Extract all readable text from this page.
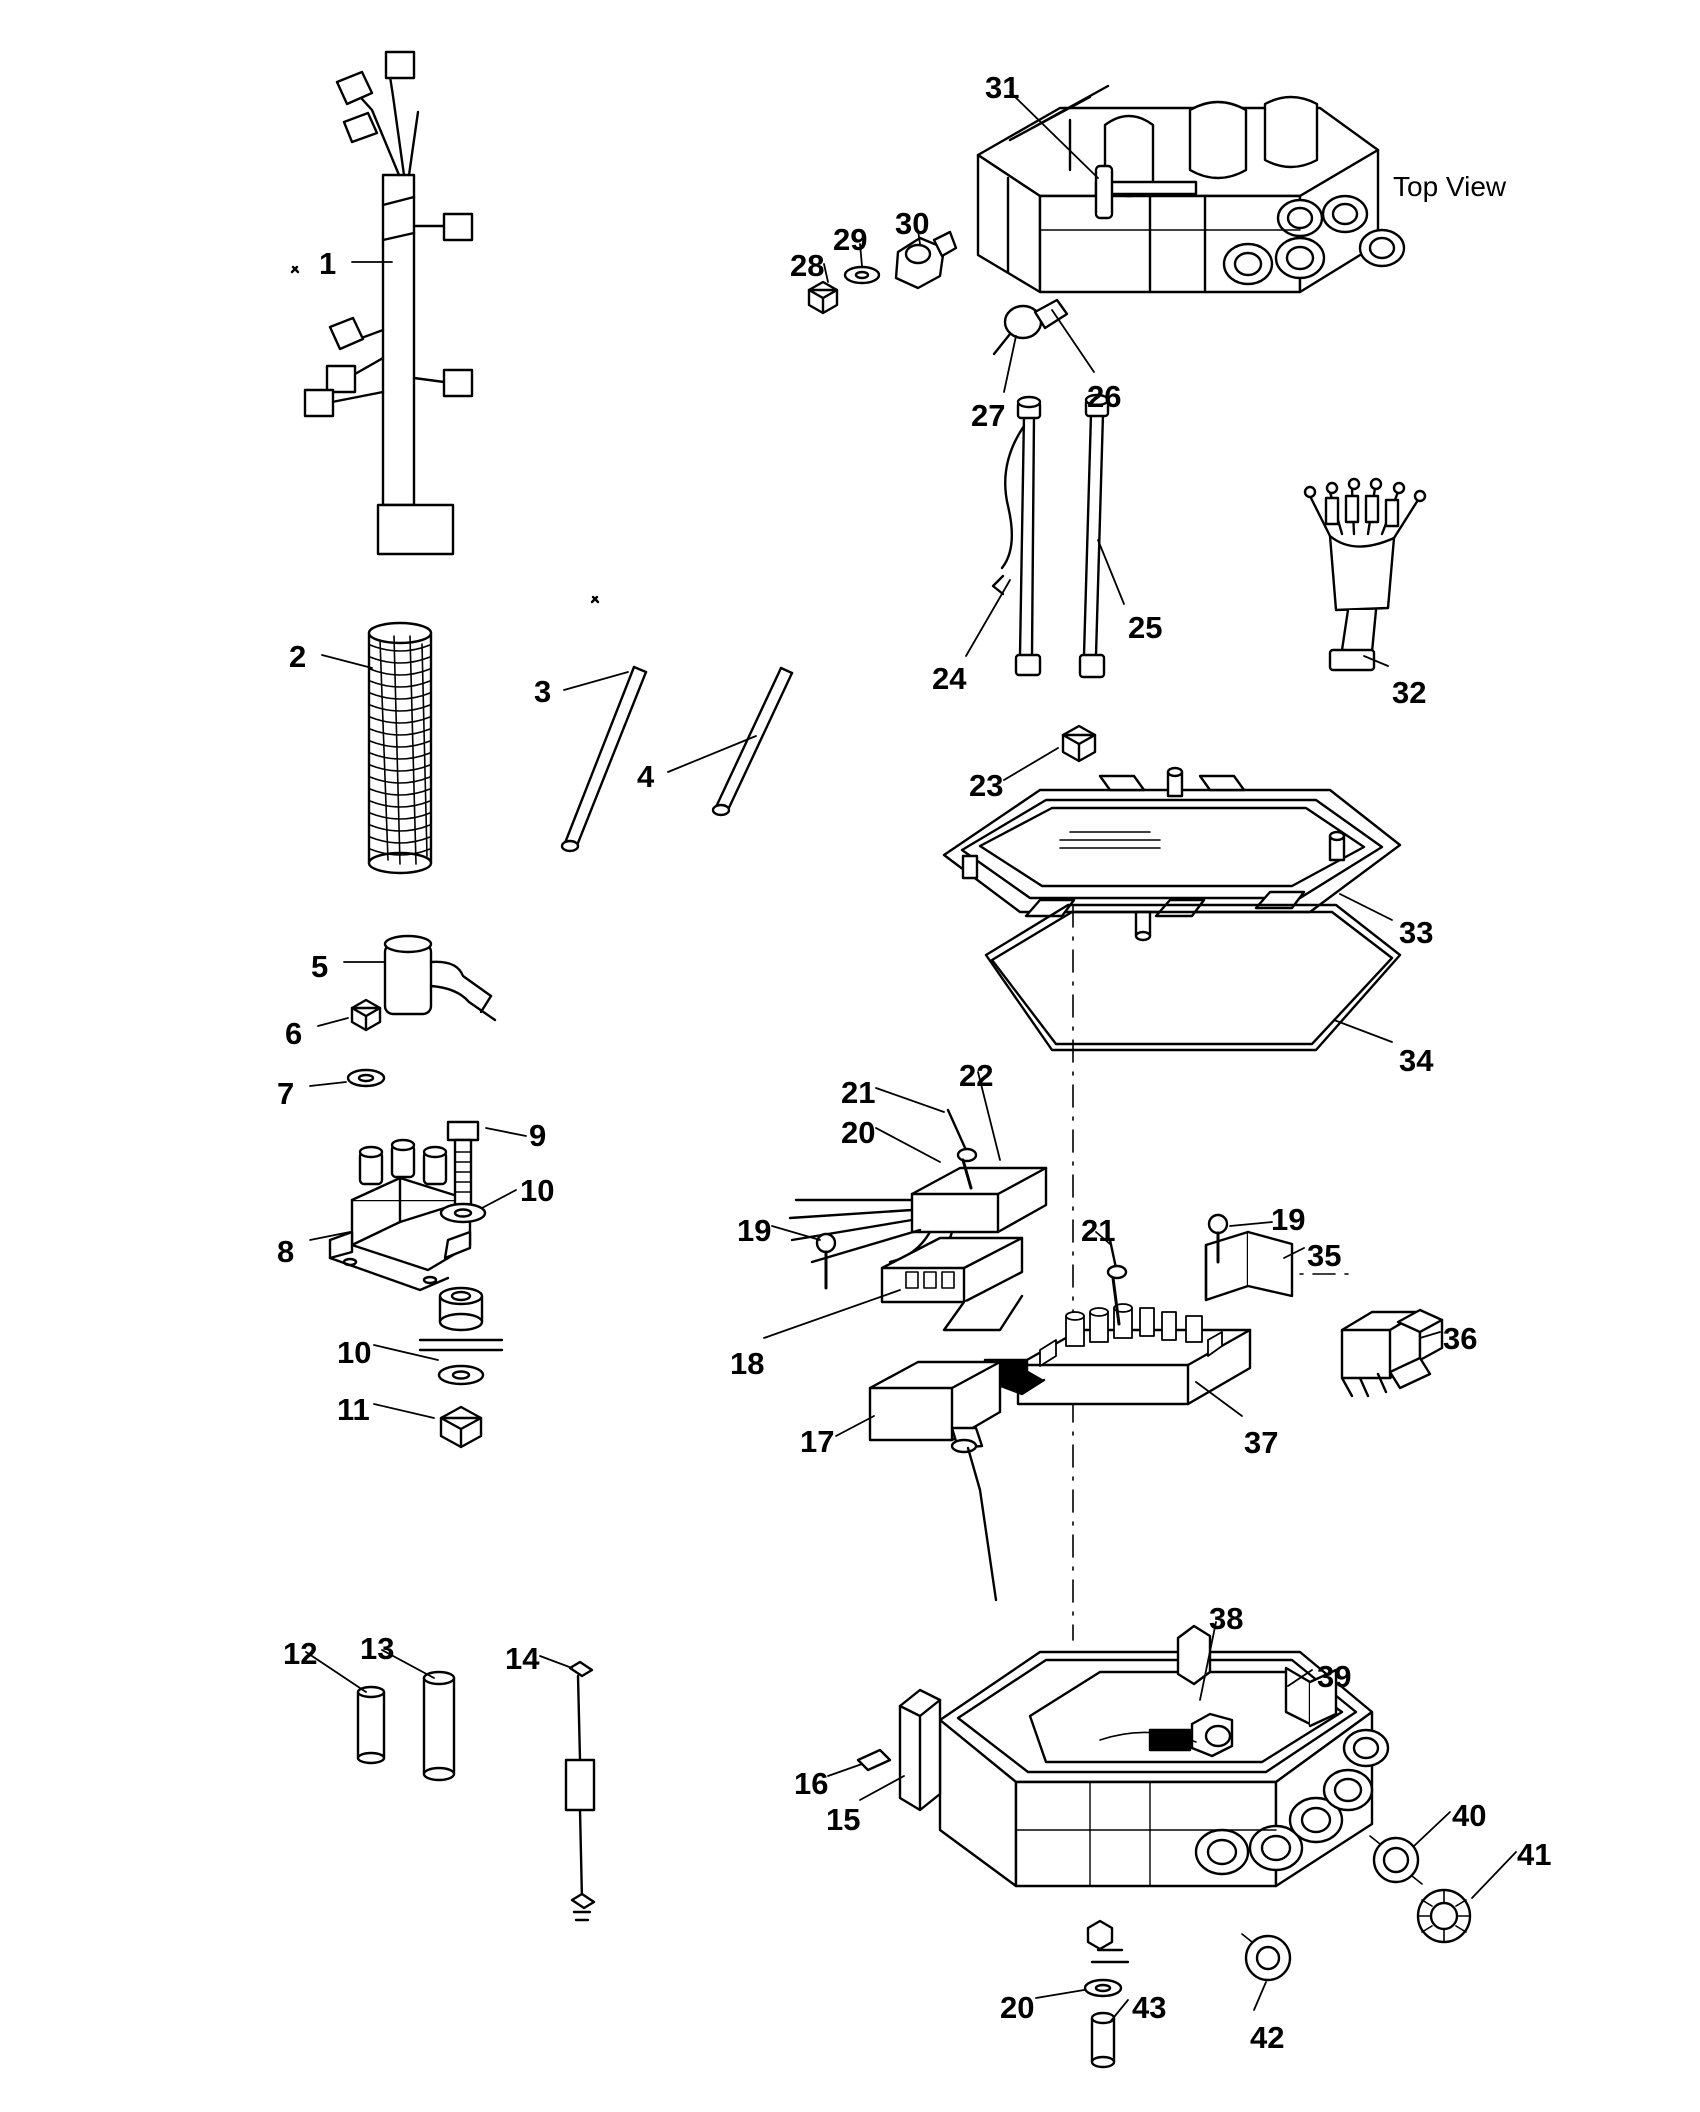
1
2
3
4
5
6
7
8
9
10
10
11
12 13	14
15
16
17
18
19	19
20
20
21
21
22
23
24
25
26
27
28
29 30
31
32
33
34
35
36
37
38
39
40
41
42
43
Top View
